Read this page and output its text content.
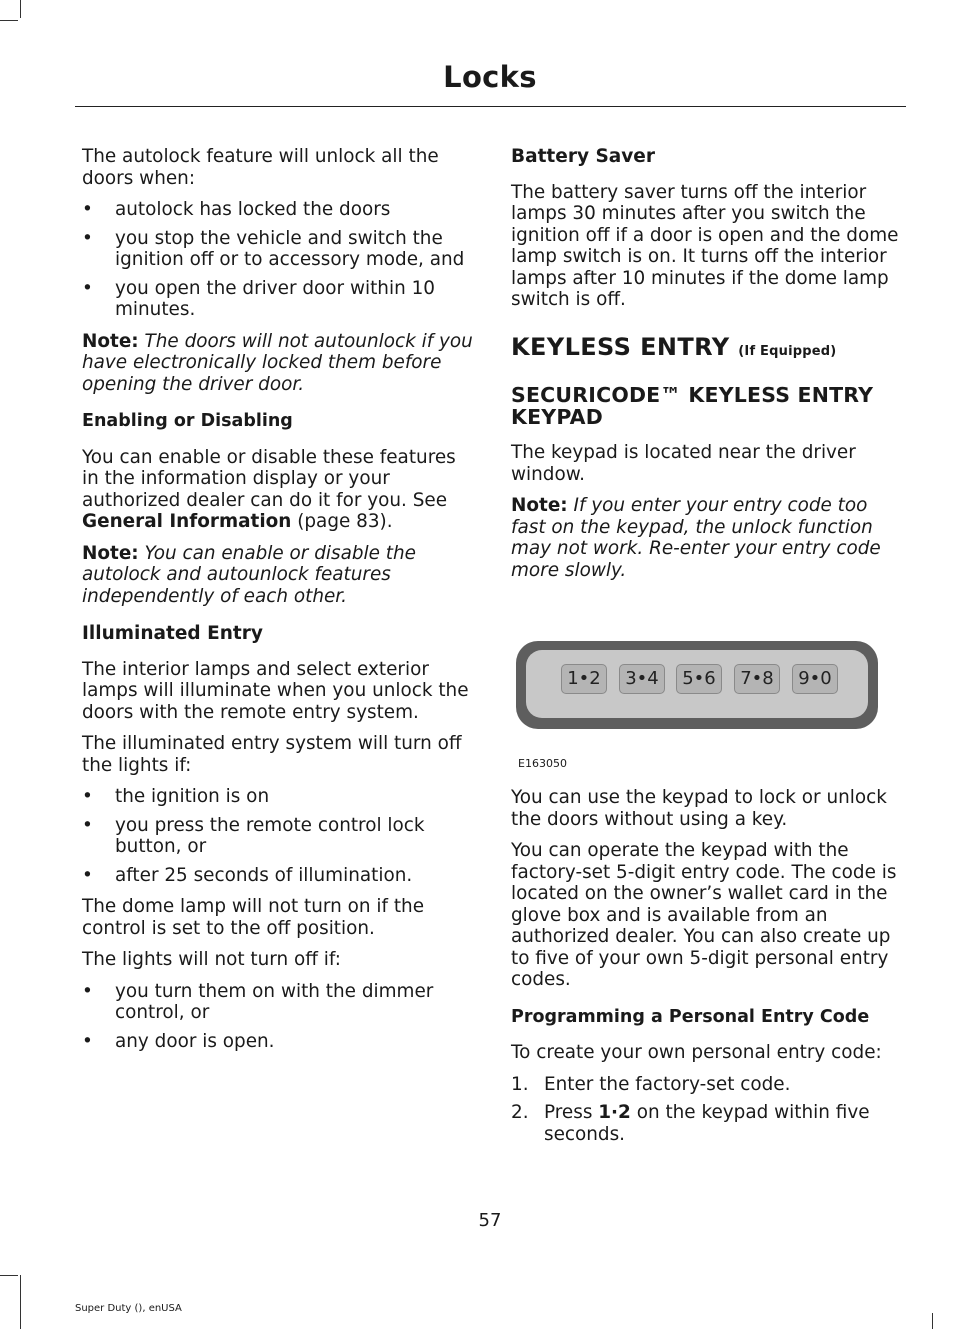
Locks

The autolock feature will unlock all the doors when:

• autolock has locked the doors
• you stop the vehicle and switch the ignition off or to accessory mode, and
• you open the driver door within 10 minutes.

Note: The doors will not autounlock if you have electronically locked them before opening the driver door.

Enabling or Disabling

You can enable or disable these features in the information display or your authorized dealer can do it for you. See General Information (page 83).

Note: You can enable or disable the autolock and autounlock features independently of each other.

Illuminated Entry

The interior lamps and select exterior lamps will illuminate when you unlock the doors with the remote entry system.

The illuminated entry system will turn off the lights if:

• the ignition is on
• you press the remote control lock button, or
• after 25 seconds of illumination.

The dome lamp will not turn on if the control is set to the off position.

The lights will not turn off if:

• you turn them on with the dimmer control, or
• any door is open.
Battery Saver

The battery saver turns off the interior lamps 30 minutes after you switch the ignition off if a door is open and the dome lamp switch is on. It turns off the interior lamps after 10 minutes if the dome lamp switch is off.

KEYLESS ENTRY (If Equipped)
SECURICODE™ KEYLESS ENTRY KEYPAD

The keypad is located near the driver window.

Note: If you enter your entry code too fast on the keypad, the unlock function may not work. Re-enter your entry code more slowly.

1•2	3•4	5•6	7•8	9•0
E163050

You can use the keypad to lock or unlock the doors without using a key.

You can operate the keypad with the factory-set 5-digit entry code. The code is located on the owner’s wallet card in the glove box and is available from an authorized dealer. You can also create up to five of your own 5-digit personal entry codes.

Programming a Personal Entry Code

To create your own personal entry code:

1. Enter the factory-set code.
2. Press 1·2 on the keypad within five seconds.
57
Super Duty (), enUSA
